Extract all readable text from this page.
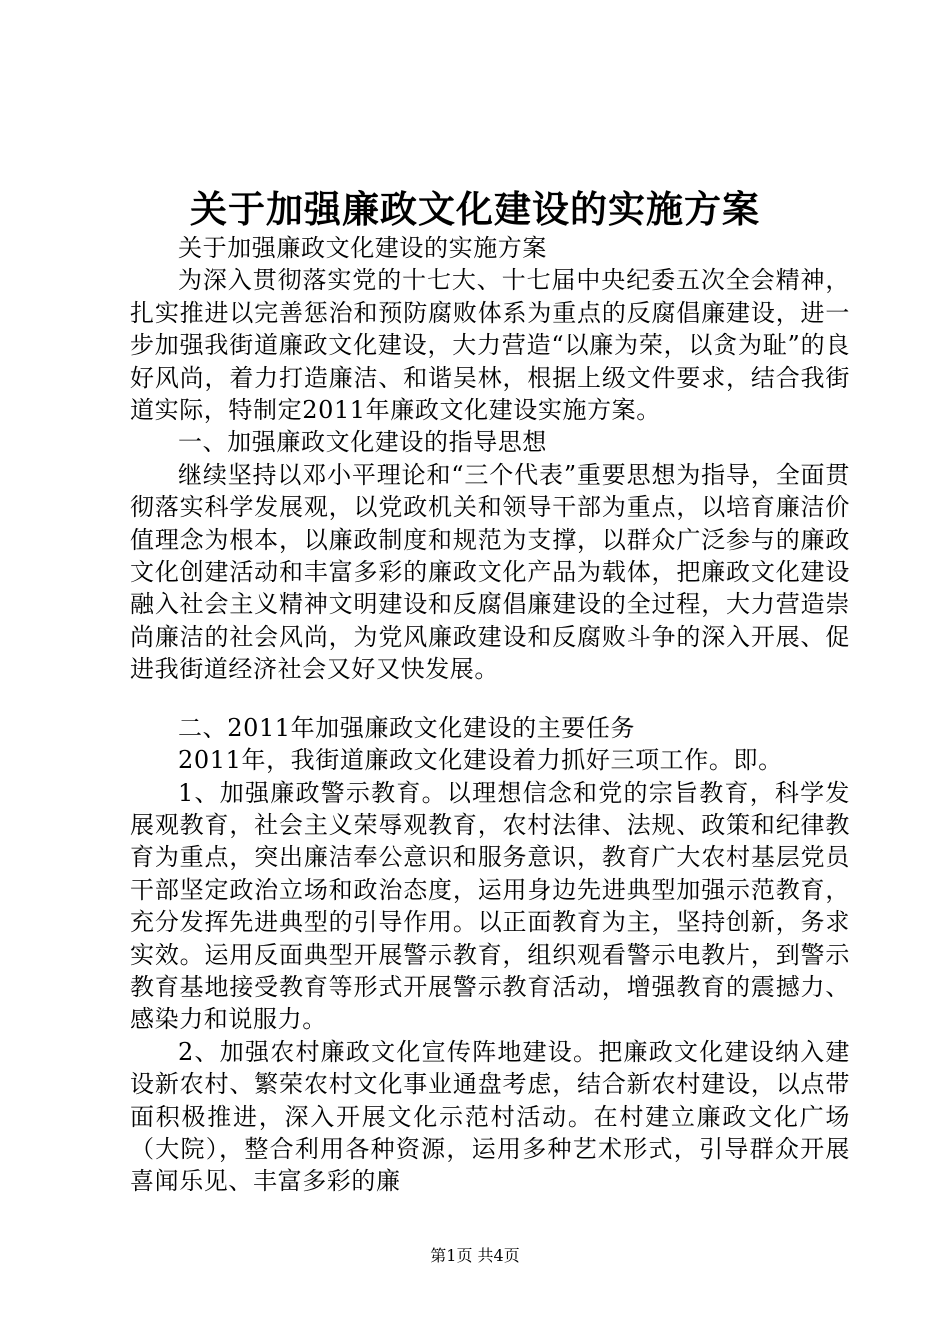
关于加强廉政文化建设的实施方案

关于加强廉政文化建设的实施方案

为深入贯彻落实党的十七大、十七届中央纪委五次全会精神，扎实推进以完善惩治和预防腐败体系为重点的反腐倡廉建设，进一步加强我街道廉政文化建设，大力营造“以廉为荣，以贪为耻”的良好风尚，着力打造廉洁、和谐吴林，根据上级文件要求，结合我街道实际，特制定2011年廉政文化建设实施方案。

一、加强廉政文化建设的指导思想

继续坚持以邓小平理论和“三个代表”重要思想为指导，全面贯彻落实科学发展观，以党政机关和领导干部为重点，以培育廉洁价值理念为根本，以廉政制度和规范为支撑，以群众广泛参与的廉政文化创建活动和丰富多彩的廉政文化产品为载体，把廉政文化建设融入社会主义精神文明建设和反腐倡廉建设的全过程，大力营造崇尚廉洁的社会风尚，为党风廉政建设和反腐败斗争的深入开展、促进我街道经济社会又好又快发展。

二、2011年加强廉政文化建设的主要任务

2011年，我街道廉政文化建设着力抓好三项工作。即。

1、加强廉政警示教育。以理想信念和党的宗旨教育，科学发展观教育，社会主义荣辱观教育，农村法律、法规、政策和纪律教育为重点，突出廉洁奉公意识和服务意识，教育广大农村基层党员干部坚定政治立场和政治态度，运用身边先进典型加强示范教育，充分发挥先进典型的引导作用。以正面教育为主，坚持创新，务求实效。运用反面典型开展警示教育，组织观看警示电教片，到警示教育基地接受教育等形式开展警示教育活动，增强教育的震撼力、感染力和说服力。

2、加强农村廉政文化宣传阵地建设。把廉政文化建设纳入建设新农村、繁荣农村文化事业通盘考虑，结合新农村建设，以点带面积极推进，深入开展文化示范村活动。在村建立廉政文化广场（大院），整合利用各种资源，运用多种艺术形式，引导群众开展喜闻乐见、丰富多彩的廉

第1页 共4页
